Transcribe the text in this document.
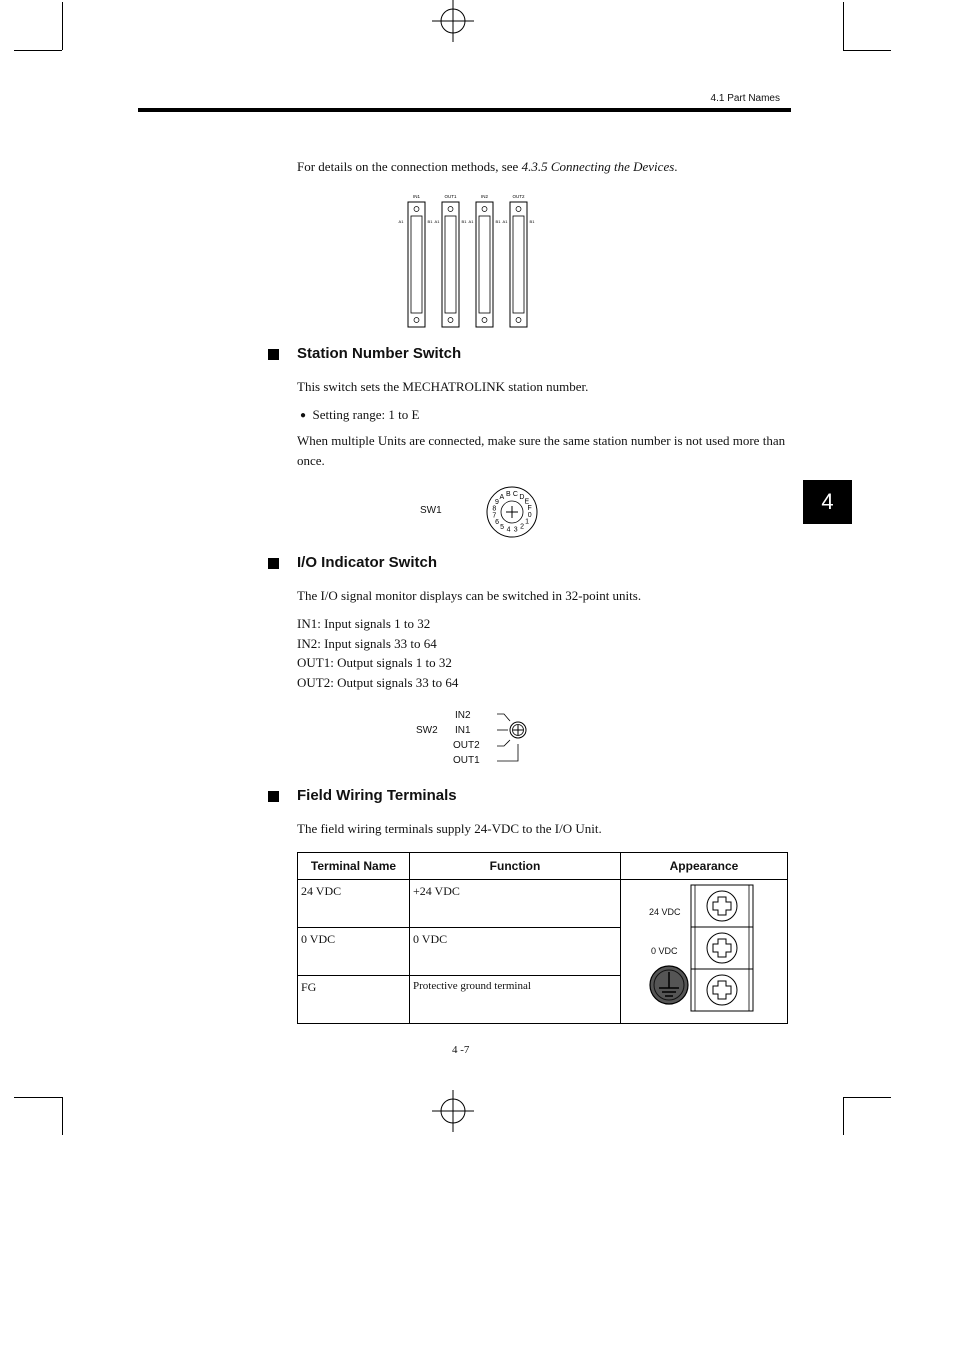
4.1 Part Names
4
For details on the connection methods, see 4.3.5 Connecting the Devices.
IN1	OUT1	IN2	OUT2
A1	B1 A1	B1 A1	B1 A1	B1
Station Number Switch
This switch sets the MECHATROLINK station number.
● Setting range: 1 to E
When multiple Units are connected, make sure the same station number is not used more than once.
SW1	0
1
2
3
4
5
6
7
8
9
A B C D
E
F
I/O Indicator Switch
The I/O signal monitor displays can be switched in 32-point units.
IN1: Input signals 1 to 32
IN2: Input signals 33 to 64
OUT1: Output signals 1 to 32
OUT2: Output signals 33 to 64
SW2
IN2
IN1
OUT2
OUT1
Field Wiring Terminals
The field wiring terminals supply 24-VDC to the I/O Unit.
Terminal Name	Function	Appearance
24 VDC	+24 VDC	24 VDC
0 VDC

0 VDC	0 VDC	
FG	Protective ground terminal	
4 -7
